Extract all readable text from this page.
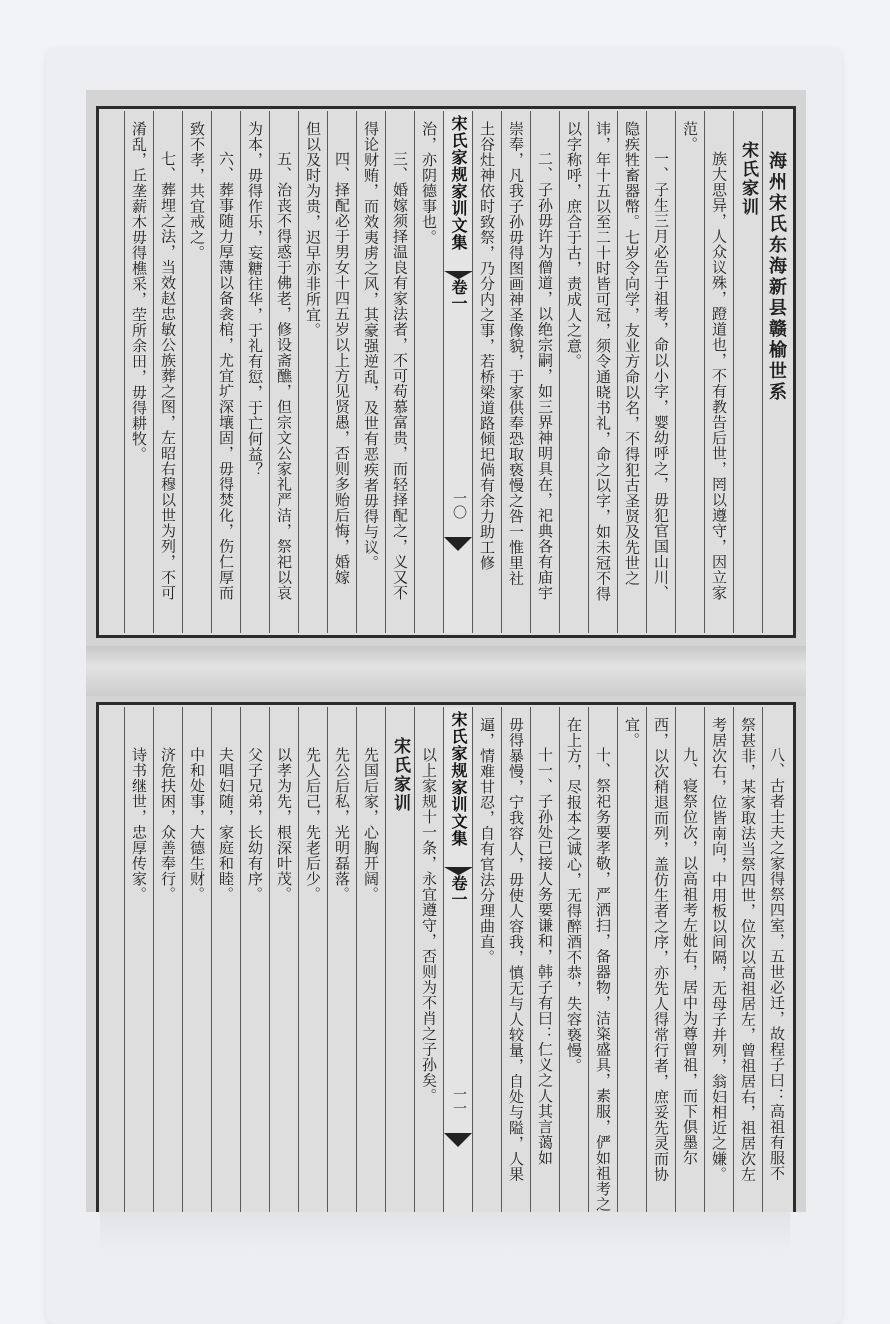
海州宋氏东海新县赣榆世系
宋氏家训
族大思异，人众议殊，蹬道也，不有教告后世，罔以遵守，因立家
范。
一、子生三月必告于祖考，命以小字，婴幼呼之，毋犯官国山川、
隐疾牲畜器幣。七岁令向学，友业方命以名，不得犯古圣贤及先世之
讳，年十五以至二十时皆可冠，须令通晓书礼，命之以字，如未冠不得
以字称呼，庶合于古，责成人之意。
二、子孙毋许为僧道，以绝宗嗣，如三界神明具在，祀典各有庙宇
崇奉，凡我子孙毋得图画神圣像貌，于家供奉恐取亵慢之咎一惟里社
土谷灶神依时致祭，乃分内之事，若桥梁道路倾圯倘有余力助工修
宋氏家规家训文集
卷一
一〇
治，亦阴德事也。
三、婚嫁须择温良有家法者，不可苟慕富贵，而轻择配之，义又不
得论财贿，而效夷虏之风，其豪强逆乱，及世有恶疾者毋得与议。
四、择配必于男女十四五岁以上方见贤愚，否则多贻后悔，婚嫁
但以及时为贵，迟早亦非所宜。
五、治丧不得惑于佛老，修设斋醮，但宗文公家礼严洁，祭祀以哀
为本，毋得作乐，妄糖往华，于礼有愆，于亡何益？
六、葬事随力厚薄以备衾棺，尤宜圹深壤固，毋得焚化，伤仁厚而
致不孝，共宜戒之。
七、葬埋之法，当效赵忠敏公族葬之图，左昭右穆以世为列，不可
淆乱，丘垄薪木毋得樵采，茔所余田，毋得耕牧。
八、古者士夫之家得祭四室，五世必迁，故程子曰：高祖有服不
祭甚非，某家取法当祭四世，位次以高祖居左，曾祖居右，祖居次左
考居次右，位皆南向，中用板以间隔，无母子并列，翁妇相近之嫌。
九、寝祭位次，以高祖考左妣右，居中为尊曾祖，而下俱墨尔
西，以次稍退而列，盖仿生者之序，亦先人得常行者，庶妥先灵而协
宜。
十、祭祀务要孝敬，严洒扫，备器物，洁粢盛具，素服，俨如祖考之
在上方，尽报本之诚心，无得醉酒不恭，失容亵慢。
十一、子孙处已接人务要谦和，韩子有曰：仁义之人其言蔼如
毋得暴慢，宁我容人，毋使人容我，慎无与人较量，自处与隘，人果
逼，情难甘忍，自有官法分理曲直。
宋氏家规家训文集
卷一
一一
以上家规十一条，永宜遵守，否则为不肖之子孙矣。
宋氏家训
先国后家，心胸开阔。
先公后私，光明磊落。
先人后己，先老后少。
以孝为先，根深叶茂。
父子兄弟，长幼有序。
夫唱妇随，家庭和睦。
中和处事，大德生财。
济危扶困，众善奉行。
诗书继世，忠厚传家。
